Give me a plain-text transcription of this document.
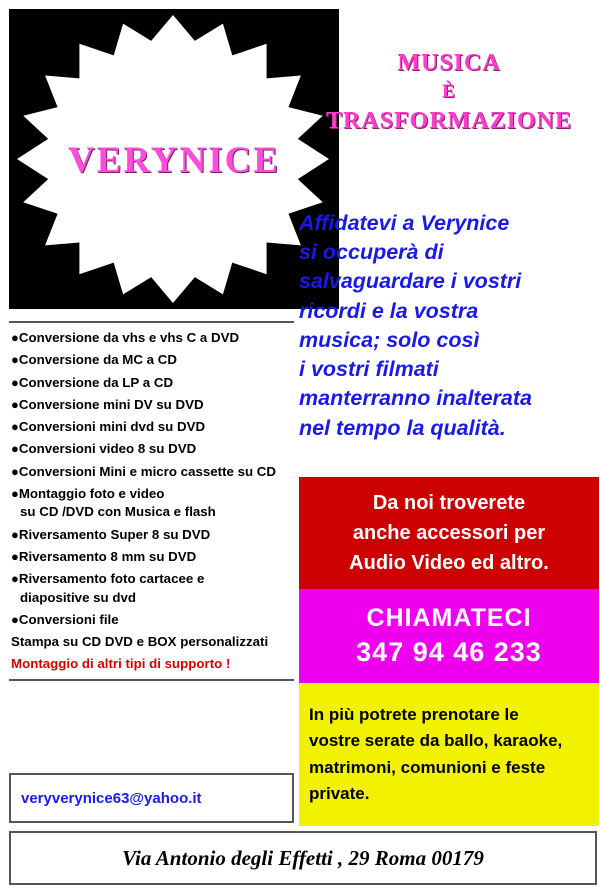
VERYNICE
MUSICA
È
TRASFORMAZIONE
Affidatevi a Verynice
si occuperà di
salvaguardare i vostri
ricordi e la vostra
musica; solo così
i vostri filmati
manterranno inalterata
nel tempo la qualità.
●Conversione da vhs e vhs C a DVD
●Conversione da MC a CD
●Conversione da LP a CD
●Conversione mini DV su DVD
●Conversioni mini dvd su DVD
●Conversioni video 8 su DVD
●Conversioni Mini e micro cassette su CD
●Montaggio foto e video
su CD /DVD con Musica e flash
●Riversamento Super 8 su DVD
●Riversamento 8 mm su DVD
●Riversamento foto cartacee e
diapositive su dvd
●Conversioni file
Stampa su CD DVD e BOX personalizzati
Montaggio di altri tipi di supporto !
veryverynice63@yahoo.it
Da noi troverete
anche accessori per
Audio Video ed altro.
CHIAMATECI
347 94 46 233
In più potrete prenotare le
vostre serate da ballo, karaoke,
matrimoni, comunioni e feste
private.
Via Antonio degli Effetti , 29 Roma 00179
